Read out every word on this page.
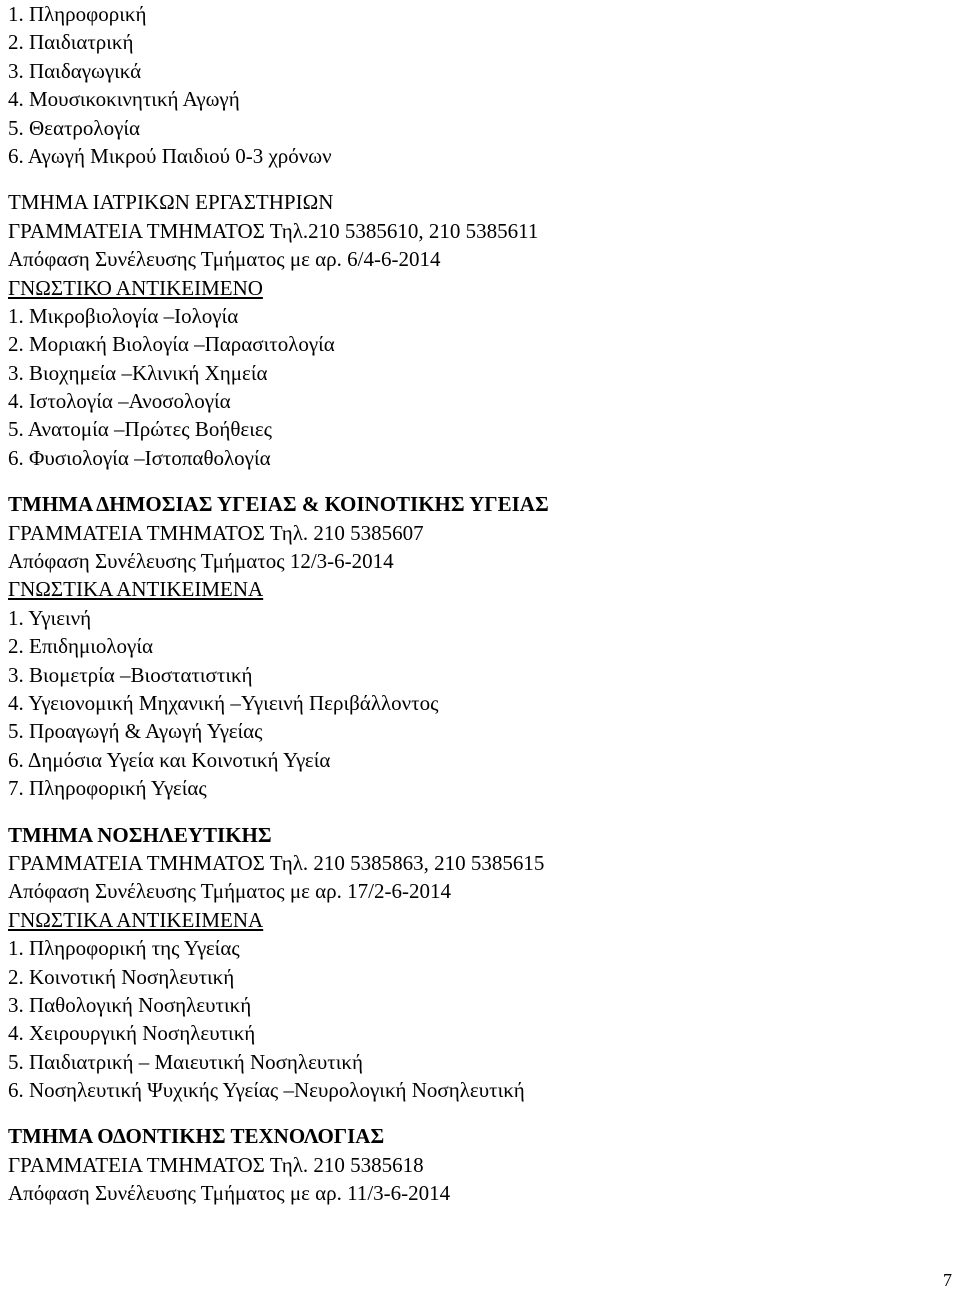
1. Πληροφορική

2. Παιδιατρική

3. Παιδαγωγικά

4. Μουσικοκινητική Αγωγή

5. Θεατρολογία

6. Αγωγή Μικρού Παιδιού 0-3 χρόνων

ΤΜΗΜΑ ΙΑΤΡΙΚΩΝ ΕΡΓΑΣΤΗΡΙΩΝ

ΓΡΑΜΜΑΤΕΙΑ ΤΜΗΜΑΤΟΣ Τηλ.210 5385610, 210 5385611

Απόφαση Συνέλευσης Τμήματος με αρ. 6/4-6-2014

ΓΝΩΣΤΙΚΟ ΑΝΤΙΚΕΙΜΕΝΟ

1. Μικροβιολογία –Ιολογία

2. Μοριακή Βιολογία –Παρασιτολογία

3. Βιοχημεία –Κλινική Χημεία

4. Ιστολογία –Ανοσολογία

5. Ανατομία –Πρώτες Βοήθειες

6. Φυσιολογία –Ιστοπαθολογία

ΤΜΗΜΑ ΔΗΜΟΣΙΑΣ ΥΓΕΙΑΣ & ΚΟΙΝΟΤΙΚΗΣ ΥΓΕΙΑΣ

ΓΡΑΜΜΑΤΕΙΑ ΤΜΗΜΑΤΟΣ Τηλ. 210 5385607

Απόφαση Συνέλευσης Τμήματος 12/3-6-2014

ΓΝΩΣΤΙΚΑ ΑΝΤΙΚΕΙΜΕΝΑ

1. Υγιεινή

2. Επιδημιολογία

3. Βιομετρία –Βιοστατιστική

4. Υγειονομική Μηχανική –Υγιεινή Περιβάλλοντος

5. Προαγωγή & Αγωγή Υγείας

6. Δημόσια Υγεία και Κοινοτική Υγεία

7. Πληροφορική Υγείας

ΤΜΗΜΑ ΝΟΣΗΛΕΥΤΙΚΗΣ

ΓΡΑΜΜΑΤΕΙΑ ΤΜΗΜΑΤΟΣ Τηλ. 210 5385863, 210 5385615

Απόφαση Συνέλευσης Τμήματος με αρ. 17/2-6-2014

ΓΝΩΣΤΙΚΑ ΑΝΤΙΚΕΙΜΕΝΑ

1. Πληροφορική της Υγείας

2. Κοινοτική Νοσηλευτική

3. Παθολογική Νοσηλευτική

4. Χειρουργική Νοσηλευτική

5. Παιδιατρική – Μαιευτική Νοσηλευτική

6. Νοσηλευτική Ψυχικής Υγείας –Νευρολογική Νοσηλευτική

ΤΜΗΜΑ ΟΔΟΝΤΙΚΗΣ ΤΕΧΝΟΛΟΓΙΑΣ

ΓΡΑΜΜΑΤΕΙΑ ΤΜΗΜΑΤΟΣ Τηλ. 210 5385618

Απόφαση Συνέλευσης Τμήματος με αρ. 11/3-6-2014

7
